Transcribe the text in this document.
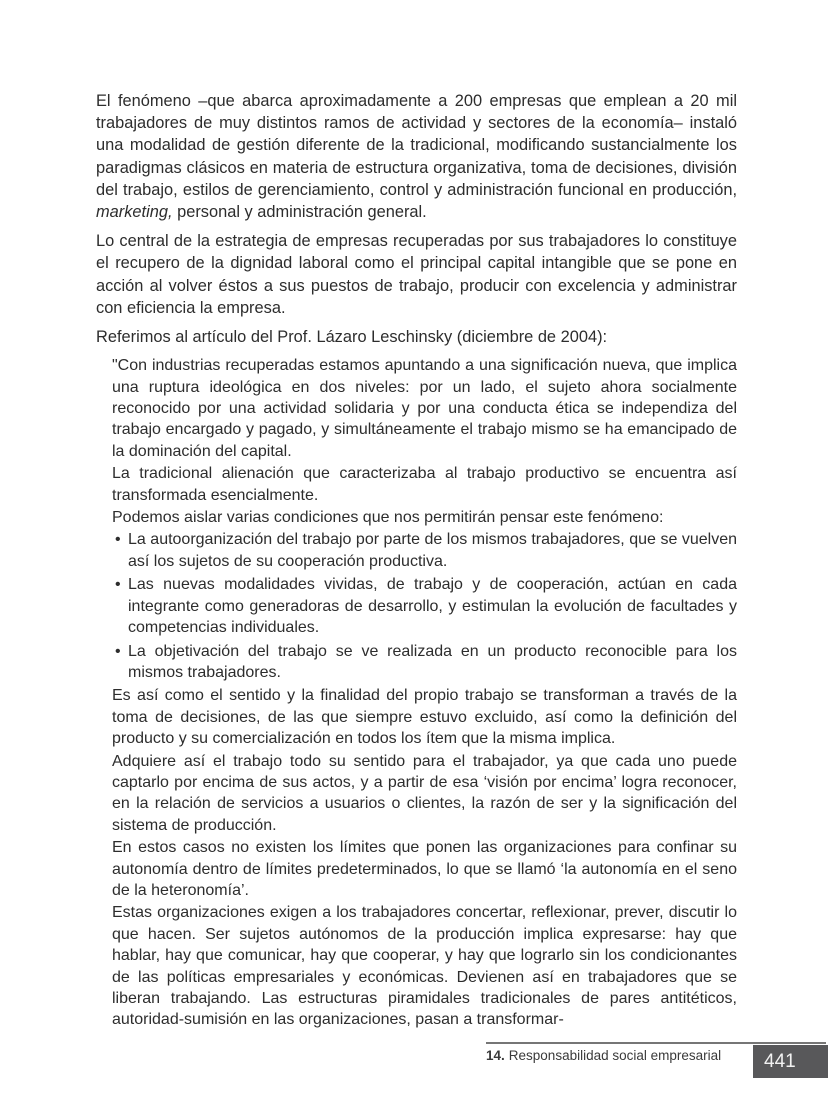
El fenómeno –que abarca aproximadamente a 200 empresas que emplean a 20 mil trabajadores de muy distintos ramos de actividad y sectores de la economía– instaló una modalidad de gestión diferente de la tradicional, modificando sustancialmente los paradigmas clásicos en materia de estructura organizativa, toma de decisiones, división del trabajo, estilos de gerenciamiento, control y administración funcional en producción, marketing, personal y administración general.

Lo central de la estrategia de empresas recuperadas por sus trabajadores lo constituye el recupero de la dignidad laboral como el principal capital intangible que se pone en acción al volver éstos a sus puestos de trabajo, producir con excelencia y administrar con eficiencia la empresa.

Referimos al artículo del Prof. Lázaro Leschinsky (diciembre de 2004):

"Con industrias recuperadas estamos apuntando a una significación nueva, que implica una ruptura ideológica en dos niveles: por un lado, el sujeto ahora socialmente reconocido por una actividad solidaria y por una conducta ética se independiza del trabajo encargado y pagado, y simultáneamente el trabajo mismo se ha emancipado de la dominación del capital.

La tradicional alienación que caracterizaba al trabajo productivo se encuentra así transformada esencialmente.

Podemos aislar varias condiciones que nos permitirán pensar este fenómeno:

• La autoorganización del trabajo por parte de los mismos trabajadores, que se vuelven así los sujetos de su cooperación productiva.
• Las nuevas modalidades vividas, de trabajo y de cooperación, actúan en cada integrante como generadoras de desarrollo, y estimulan la evolución de facultades y competencias individuales.
• La objetivación del trabajo se ve realizada en un producto reconocible para los mismos trabajadores.

Es así como el sentido y la finalidad del propio trabajo se transforman a través de la toma de decisiones, de las que siempre estuvo excluido, así como la definición del producto y su comercialización en todos los ítem que la misma implica.

Adquiere así el trabajo todo su sentido para el trabajador, ya que cada uno puede captarlo por encima de sus actos, y a partir de esa ‘visión por encima’ logra reconocer, en la relación de servicios a usuarios o clientes, la razón de ser y la significación del sistema de producción.

En estos casos no existen los límites que ponen las organizaciones para confinar su autonomía dentro de límites predeterminados, lo que se llamó ‘la autonomía en el seno de la heteronomía’.

Estas organizaciones exigen a los trabajadores concertar, reflexionar, prever, discutir lo que hacen. Ser sujetos autónomos de la producción implica expresarse: hay que hablar, hay que comunicar, hay que cooperar, y hay que lograrlo sin los condicionantes de las políticas empresariales y económicas. Devienen así en trabajadores que se liberan trabajando. Las estructuras piramidales tradicionales de pares antitéticos, autoridad-sumisión en las organizaciones, pasan a transformar-

14. Responsabilidad social empresarial 441
